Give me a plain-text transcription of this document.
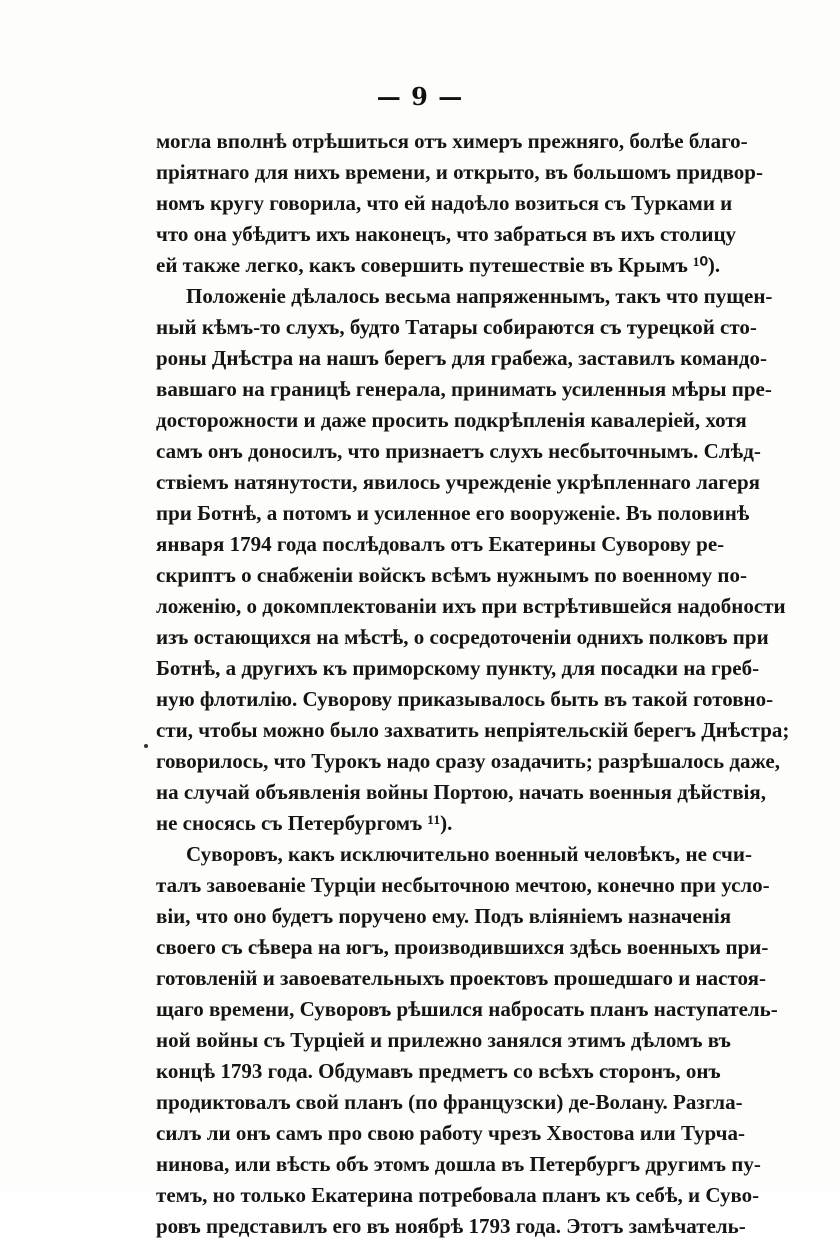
— 9 —
могла вполнѣ отрѣшиться отъ химеръ прежняго, болѣе благо-
пріятнаго для нихъ времени, и открыто, въ большомъ придвор-
номъ кругу говорила, что ей надоѣло возиться съ Турками и
что она убѣдитъ ихъ наконецъ, что забраться въ ихъ столицу
ей также легко, какъ совершить путешествіе въ Крымъ ¹⁰).
Положеніе дѣлалось весьма напряженнымъ, такъ что пущен-
ный кѣмъ-то слухъ, будто Татары собираются съ турецкой сто-
роны Днѣстра на нашъ берегъ для грабежа, заставилъ командо-
вавшаго на границѣ генерала, принимать усиленныя мѣры пре-
досторожности и даже просить подкрѣпленія кавалеріей, хотя
самъ онъ доносилъ, что признаетъ слухъ несбыточнымъ. Слѣд-
ствіемъ натянутости, явилось учрежденіе укрѣпленнаго лагеря
при Ботнѣ, а потомъ и усиленное его вооруженіе. Въ половинѣ
января 1794 года послѣдовалъ отъ Екатерины Суворову ре-
скриптъ о снабженіи войскъ всѣмъ нужнымъ по военному по-
ложенію, о докомплектованіи ихъ при встрѣтившейся надобности
изъ остающихся на мѣстѣ, о сосредоточеніи однихъ полковъ при
Ботнѣ, а другихъ къ приморскому пункту, для посадки на греб-
ную флотилію. Суворову приказывалось быть въ такой готовно-
сти, чтобы можно было захватить непріятельскій берегъ Днѣстра;
говорилось, что Турокъ надо сразу озадачить; разрѣшалось даже,
на случай объявленія войны Портою, начать военныя дѣйствія,
не сносясь съ Петербургомъ ¹¹).
Суворовъ, какъ исключительно военный человѣкъ, не счи-
талъ завоеваніе Турціи несбыточною мечтою, конечно при усло-
віи, что оно будетъ поручено ему. Подъ вліяніемъ назначенія
своего съ сѣвера на югъ, производившихся здѣсь военныхъ при-
готовленій и завоевательныхъ проектовъ прошедшаго и настоя-
щаго времени, Суворовъ рѣшился набросать планъ наступатель-
ной войны съ Турціей и прилежно занялся этимъ дѣломъ въ
концѣ 1793 года. Обдумавъ предметъ со всѣхъ сторонъ, онъ
продиктовалъ свой планъ (по французски) де-Волану. Разгла-
силъ ли онъ самъ про свою работу чрезъ Хвостова или Турча-
нинова, или вѣсть объ этомъ дошла въ Петербургъ другимъ пу-
темъ, но только Екатерина потребовала планъ къ себѣ, и Суво-
ровъ представилъ его въ ноябрѣ 1793 года. Этотъ замѣчатель-
